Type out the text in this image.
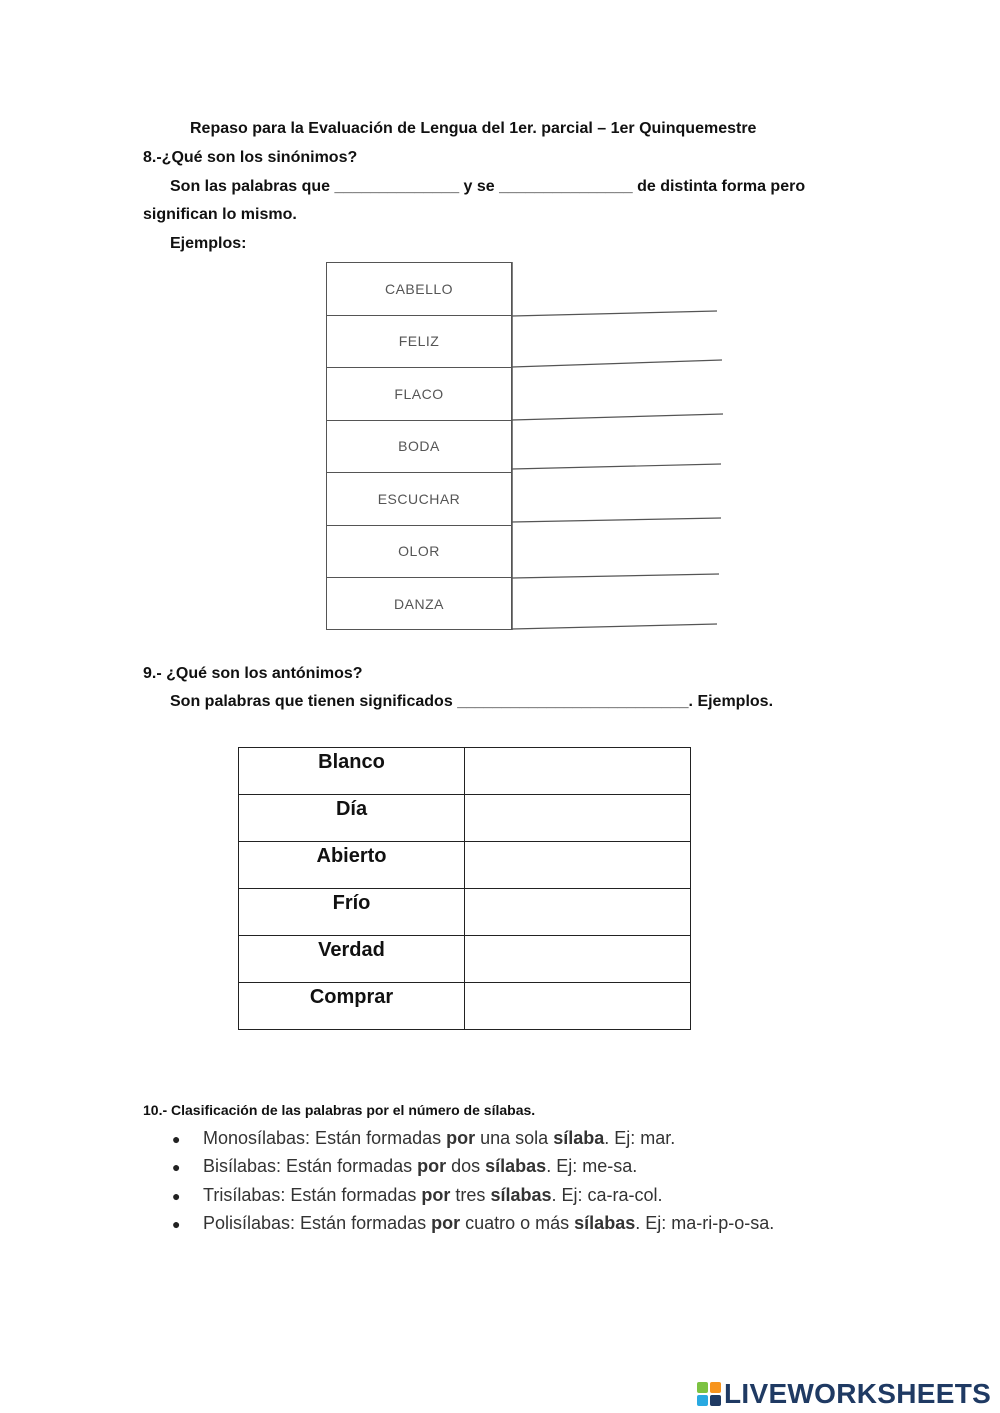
Repaso para la Evaluación de Lengua del 1er. parcial – 1er Quinquemestre
8.-¿Qué son los sinónimos?
Son las palabras que ______________ y se _______________ de distinta forma pero
significan lo mismo.
Ejemplos:
CABELLO
FELIZ
FLACO
BODA
ESCUCHAR
OLOR
DANZA
9.- ¿Qué son los antónimos?
Son palabras que tienen significados __________________________. Ejemplos.
Blanco	

Día	

Abierto	

Frío	

Verdad	

Comprar	

10.- Clasificación de las palabras por el número de sílabas.
● Monosílabas: Están formadas por una sola sílaba. Ej: mar.
● Bisílabas: Están formadas por dos sílabas. Ej: me-sa.
● Trisílabas: Están formadas por tres sílabas. Ej: ca-ra-col.
● Polisílabas: Están formadas por cuatro o más sílabas. Ej: ma-ri-p-o-sa.
LIVEWORKSHEETS
